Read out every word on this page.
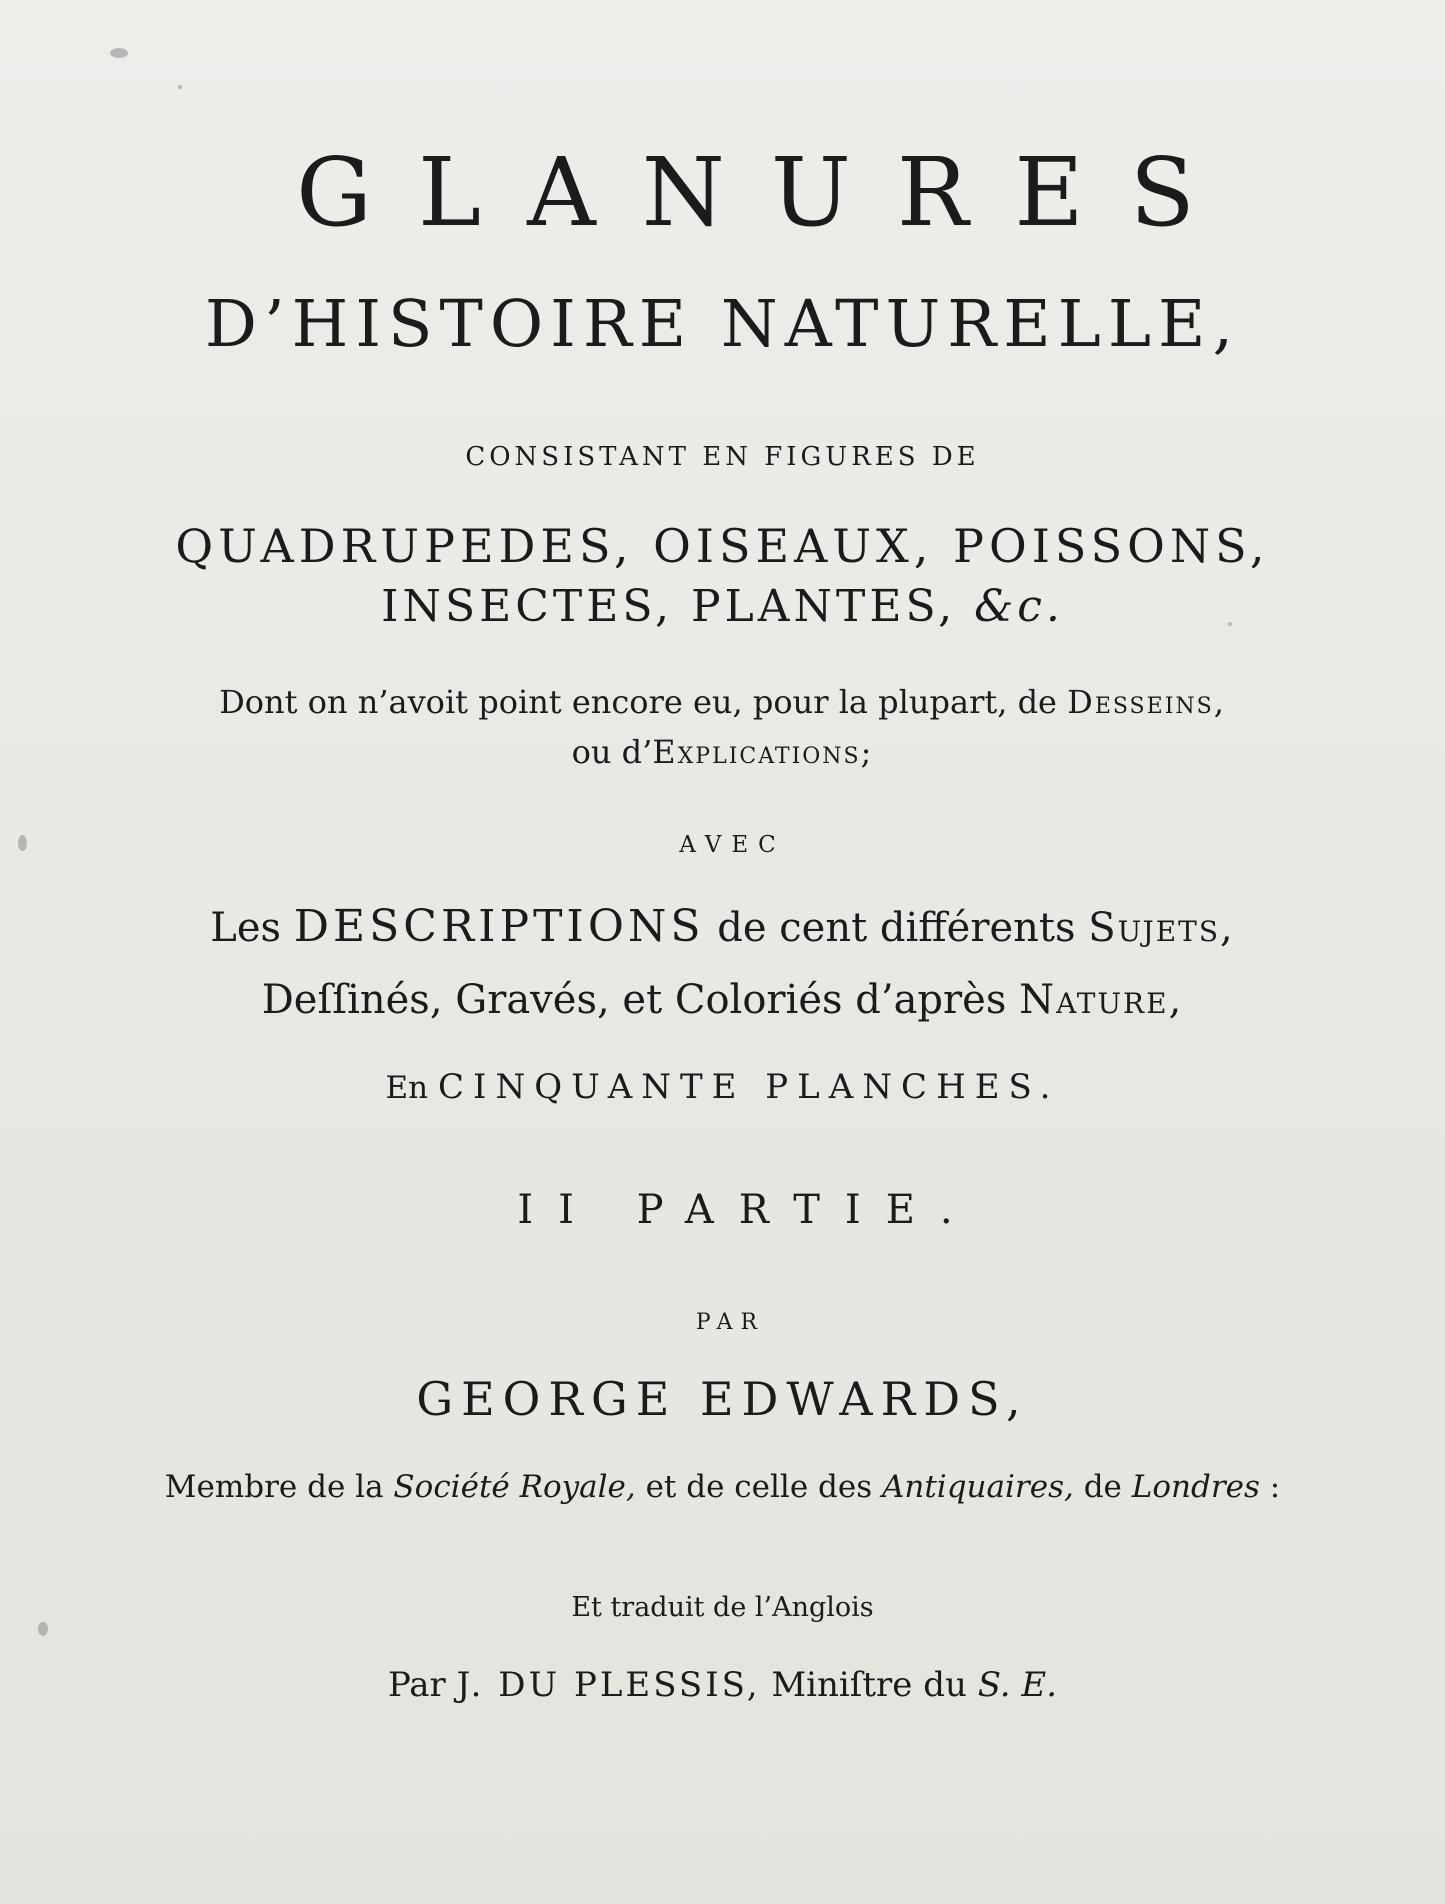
GLANURES
D’HISTOIRE NATURELLE,
CONSISTANT EN FIGURES DE
QUADRUPEDES, OISEAUX, POISSONS,
INSECTES, PLANTES, &c.
Dont on n’avoit point encore eu, pour la plupart, de Desseins,
ou d’Explications;
AVEC
Les DESCRIPTIONS de cent différents Sujets,
Deſſinés, Gravés, et Coloriés d’après Nature,
En CINQUANTE PLANCHES.
II PARTIE.
PAR
GEORGE EDWARDS,
Membre de la Société Royale, et de celle des Antiquaires, de Londres :
Et traduit de l’Anglois
Par J. DU PLESSIS, Miniſtre du S. E.
